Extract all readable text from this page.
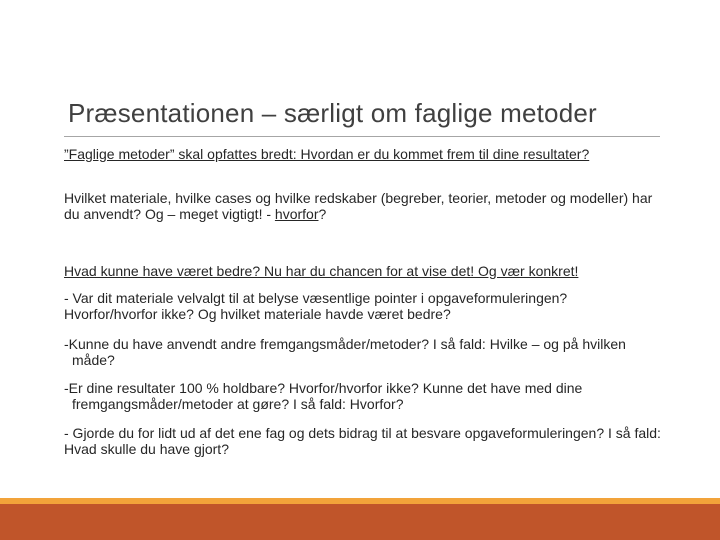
Præsentationen – særligt om faglige metoder
”Faglige metoder” skal opfattes bredt: Hvordan er du kommet frem til dine resultater?
Hvilket materiale, hvilke cases og hvilke redskaber (begreber, teorier, metoder og modeller) har du anvendt? Og – meget vigtigt! - hvorfor?
Hvad kunne have været bedre? Nu har du chancen for at vise det! Og vær konkret!
- Var dit materiale velvalgt til at belyse væsentlige pointer i opgaveformuleringen? Hvorfor/hvorfor ikke? Og hvilket materiale havde været bedre?
-Kunne du have anvendt andre fremgangsmåder/metoder? I så fald: Hvilke – og på hvilken måde?
-Er dine resultater 100 % holdbare? Hvorfor/hvorfor ikke? Kunne det have med dine fremgangsmåder/metoder at gøre? I så fald: Hvorfor?
- Gjorde du for lidt ud af det ene fag og dets bidrag til at besvare opgaveformuleringen? I så fald: Hvad skulle du have gjort?
